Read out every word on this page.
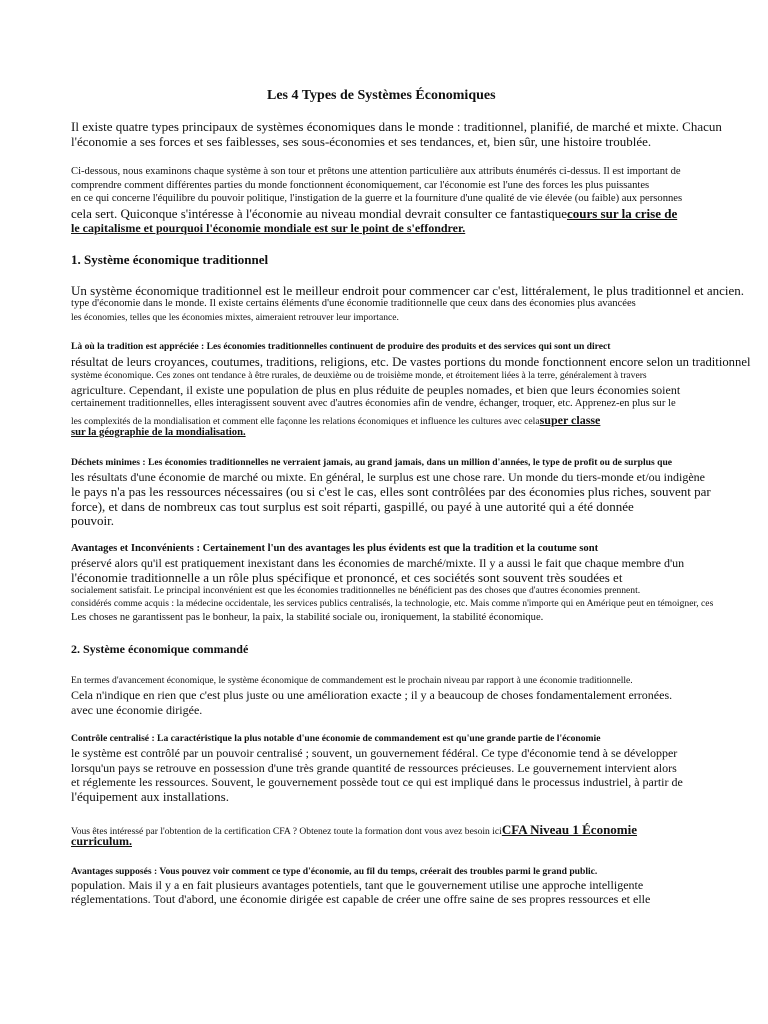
Les 4 Types de Systèmes Économiques
Il existe quatre types principaux de systèmes économiques dans le monde : traditionnel, planifié, de marché et mixte. Chacun
l'économie a ses forces et ses faiblesses, ses sous-économies et ses tendances, et, bien sûr, une histoire troublée.
Ci-dessous, nous examinons chaque système à son tour et prêtons une attention particulière aux attributs énumérés ci-dessus. Il est important de
comprendre comment différentes parties du monde fonctionnent économiquement, car l'économie est l'une des forces les plus puissantes
en ce qui concerne l'équilibre du pouvoir politique, l'instigation de la guerre et la fourniture d'une qualité de vie élevée (ou faible) aux personnes
cela sert. Quiconque s'intéresse à l'économie au niveau mondial devrait consulter ce fantastiquecours sur la crise de
le capitalisme et pourquoi l'économie mondiale est sur le point de s'effondrer.
1. Système économique traditionnel
Un système économique traditionnel est le meilleur endroit pour commencer car c'est, littéralement, le plus traditionnel et ancien.
type d'économie dans le monde. Il existe certains éléments d'une économie traditionnelle que ceux dans des économies plus avancées
les économies, telles que les économies mixtes, aimeraient retrouver leur importance.
Là où la tradition est appréciée : Les économies traditionnelles continuent de produire des produits et des services qui sont un direct
résultat de leurs croyances, coutumes, traditions, religions, etc. De vastes portions du monde fonctionnent encore selon un traditionnel
système économique. Ces zones ont tendance à être rurales, de deuxième ou de troisième monde, et étroitement liées à la terre, généralement à travers
agriculture. Cependant, il existe une population de plus en plus réduite de peuples nomades, et bien que leurs économies soient
certainement traditionnelles, elles interagissent souvent avec d'autres économies afin de vendre, échanger, troquer, etc. Apprenez-en plus sur le
les complexités de la mondialisation et comment elle façonne les relations économiques et influence les cultures avec celasuper classe
sur la géographie de la mondialisation.
Déchets minimes : Les économies traditionnelles ne verraient jamais, au grand jamais, dans un million d'années, le type de profit ou de surplus que
les résultats d'une économie de marché ou mixte. En général, le surplus est une chose rare. Un monde du tiers-monde et/ou indigène
le pays n'a pas les ressources nécessaires (ou si c'est le cas, elles sont contrôlées par des économies plus riches, souvent par
force), et dans de nombreux cas tout surplus est soit réparti, gaspillé, ou payé à une autorité qui a été donnée
pouvoir.
Avantages et Inconvénients : Certainement l'un des avantages les plus évidents est que la tradition et la coutume sont
préservé alors qu'il est pratiquement inexistant dans les économies de marché/mixte. Il y a aussi le fait que chaque membre d'un
l'économie traditionnelle a un rôle plus spécifique et prononcé, et ces sociétés sont souvent très soudées et
socialement satisfait. Le principal inconvénient est que les économies traditionnelles ne bénéficient pas des choses que d'autres économies prennent.
considérés comme acquis : la médecine occidentale, les services publics centralisés, la technologie, etc. Mais comme n'importe qui en Amérique peut en témoigner, ces
Les choses ne garantissent pas le bonheur, la paix, la stabilité sociale ou, ironiquement, la stabilité économique.
2. Système économique commandé
En termes d'avancement économique, le système économique de commandement est le prochain niveau par rapport à une économie traditionnelle.
Cela n'indique en rien que c'est plus juste ou une amélioration exacte ; il y a beaucoup de choses fondamentalement erronées.
avec une économie dirigée.
Contrôle centralisé : La caractéristique la plus notable d'une économie de commandement est qu'une grande partie de l'économie
le système est contrôlé par un pouvoir centralisé ; souvent, un gouvernement fédéral. Ce type d'économie tend à se développer
lorsqu'un pays se retrouve en possession d'une très grande quantité de ressources précieuses. Le gouvernement intervient alors
et réglemente les ressources. Souvent, le gouvernement possède tout ce qui est impliqué dans le processus industriel, à partir de
l'équipement aux installations.
Vous êtes intéressé par l'obtention de la certification CFA ? Obtenez toute la formation dont vous avez besoin iciCFA Niveau 1 Économie
curriculum.
Avantages supposés : Vous pouvez voir comment ce type d'économie, au fil du temps, créerait des troubles parmi le grand public.
population. Mais il y a en fait plusieurs avantages potentiels, tant que le gouvernement utilise une approche intelligente
réglementations. Tout d'abord, une économie dirigée est capable de créer une offre saine de ses propres ressources et elle
